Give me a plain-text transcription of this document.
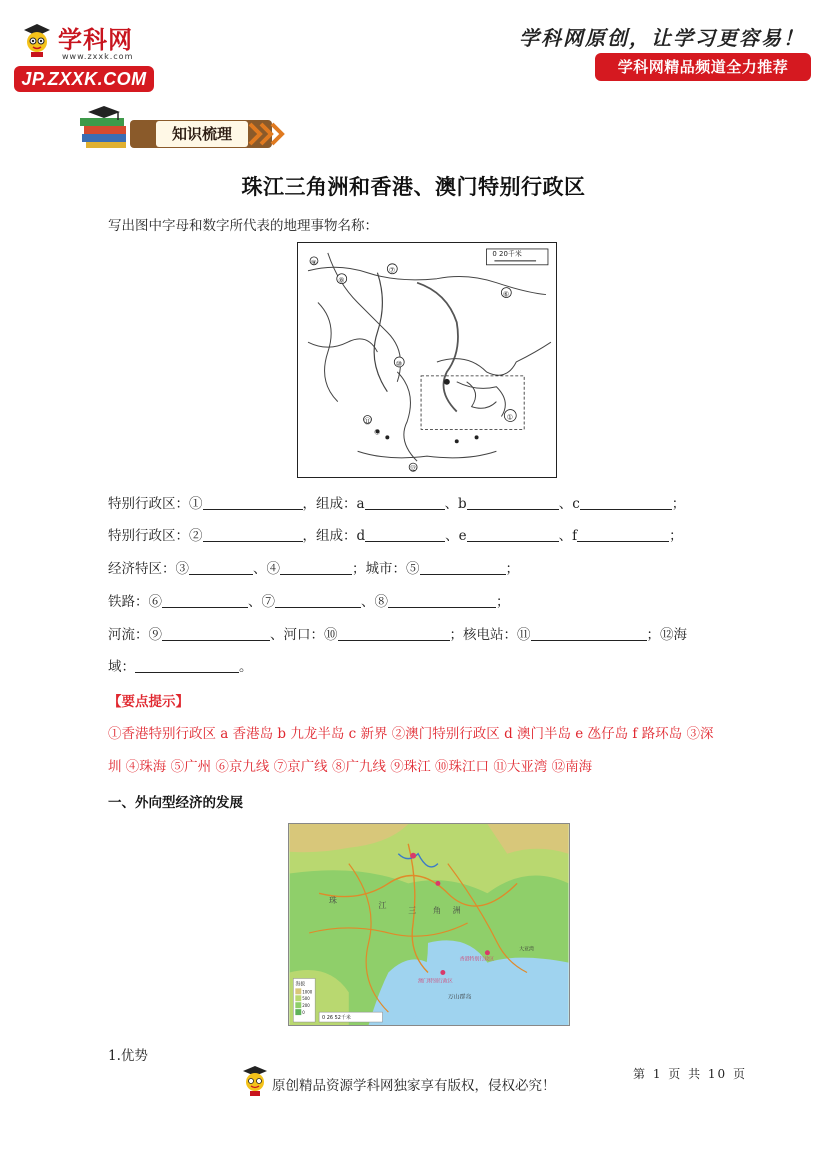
学科网
www.zxxk.com
JP.ZXXK.COM
学科网原创，让学习更容易！
学科网精品频道全力推荐
知识梳理
珠江三角洲和香港、澳门特别行政区
写出图中字母和数字所代表的地理事物名称：
0 20千米
①
⑥
⑦
⑧
⑨
⑩
⑪
⑫
④
特别行政区：①	，组成：a	、b	、c	；
特别行政区：②	，组成：d	、e	、f	；
经济特区：③	、④	；城市：⑤	；
铁路：⑥	、⑦	、⑧	；
河流：⑨	、河口：⑩	；核电站：⑪	；⑫海
域：	。
【要点提示】
①香港特别行政区 a 香港岛 b 九龙半岛 c 新界 ②澳门特别行政区 d 澳门半岛 e 氹仔岛 f 路环岛 ③深
圳 ④珠海 ⑤广州 ⑥京九线 ⑦京广线 ⑧广九线 ⑨珠江 ⑩珠江口 ⑪大亚湾 ⑫南海
一、外向型经济的发展
珠
江
三 角 洲
香港特别行政区
澳门特别行政区
大亚湾
万山群岛
海拔
1000
500
200
0
0 26 52千米
1.优势
原创精品资源学科网独家享有版权，侵权必究！
第 1 页 共 10 页
